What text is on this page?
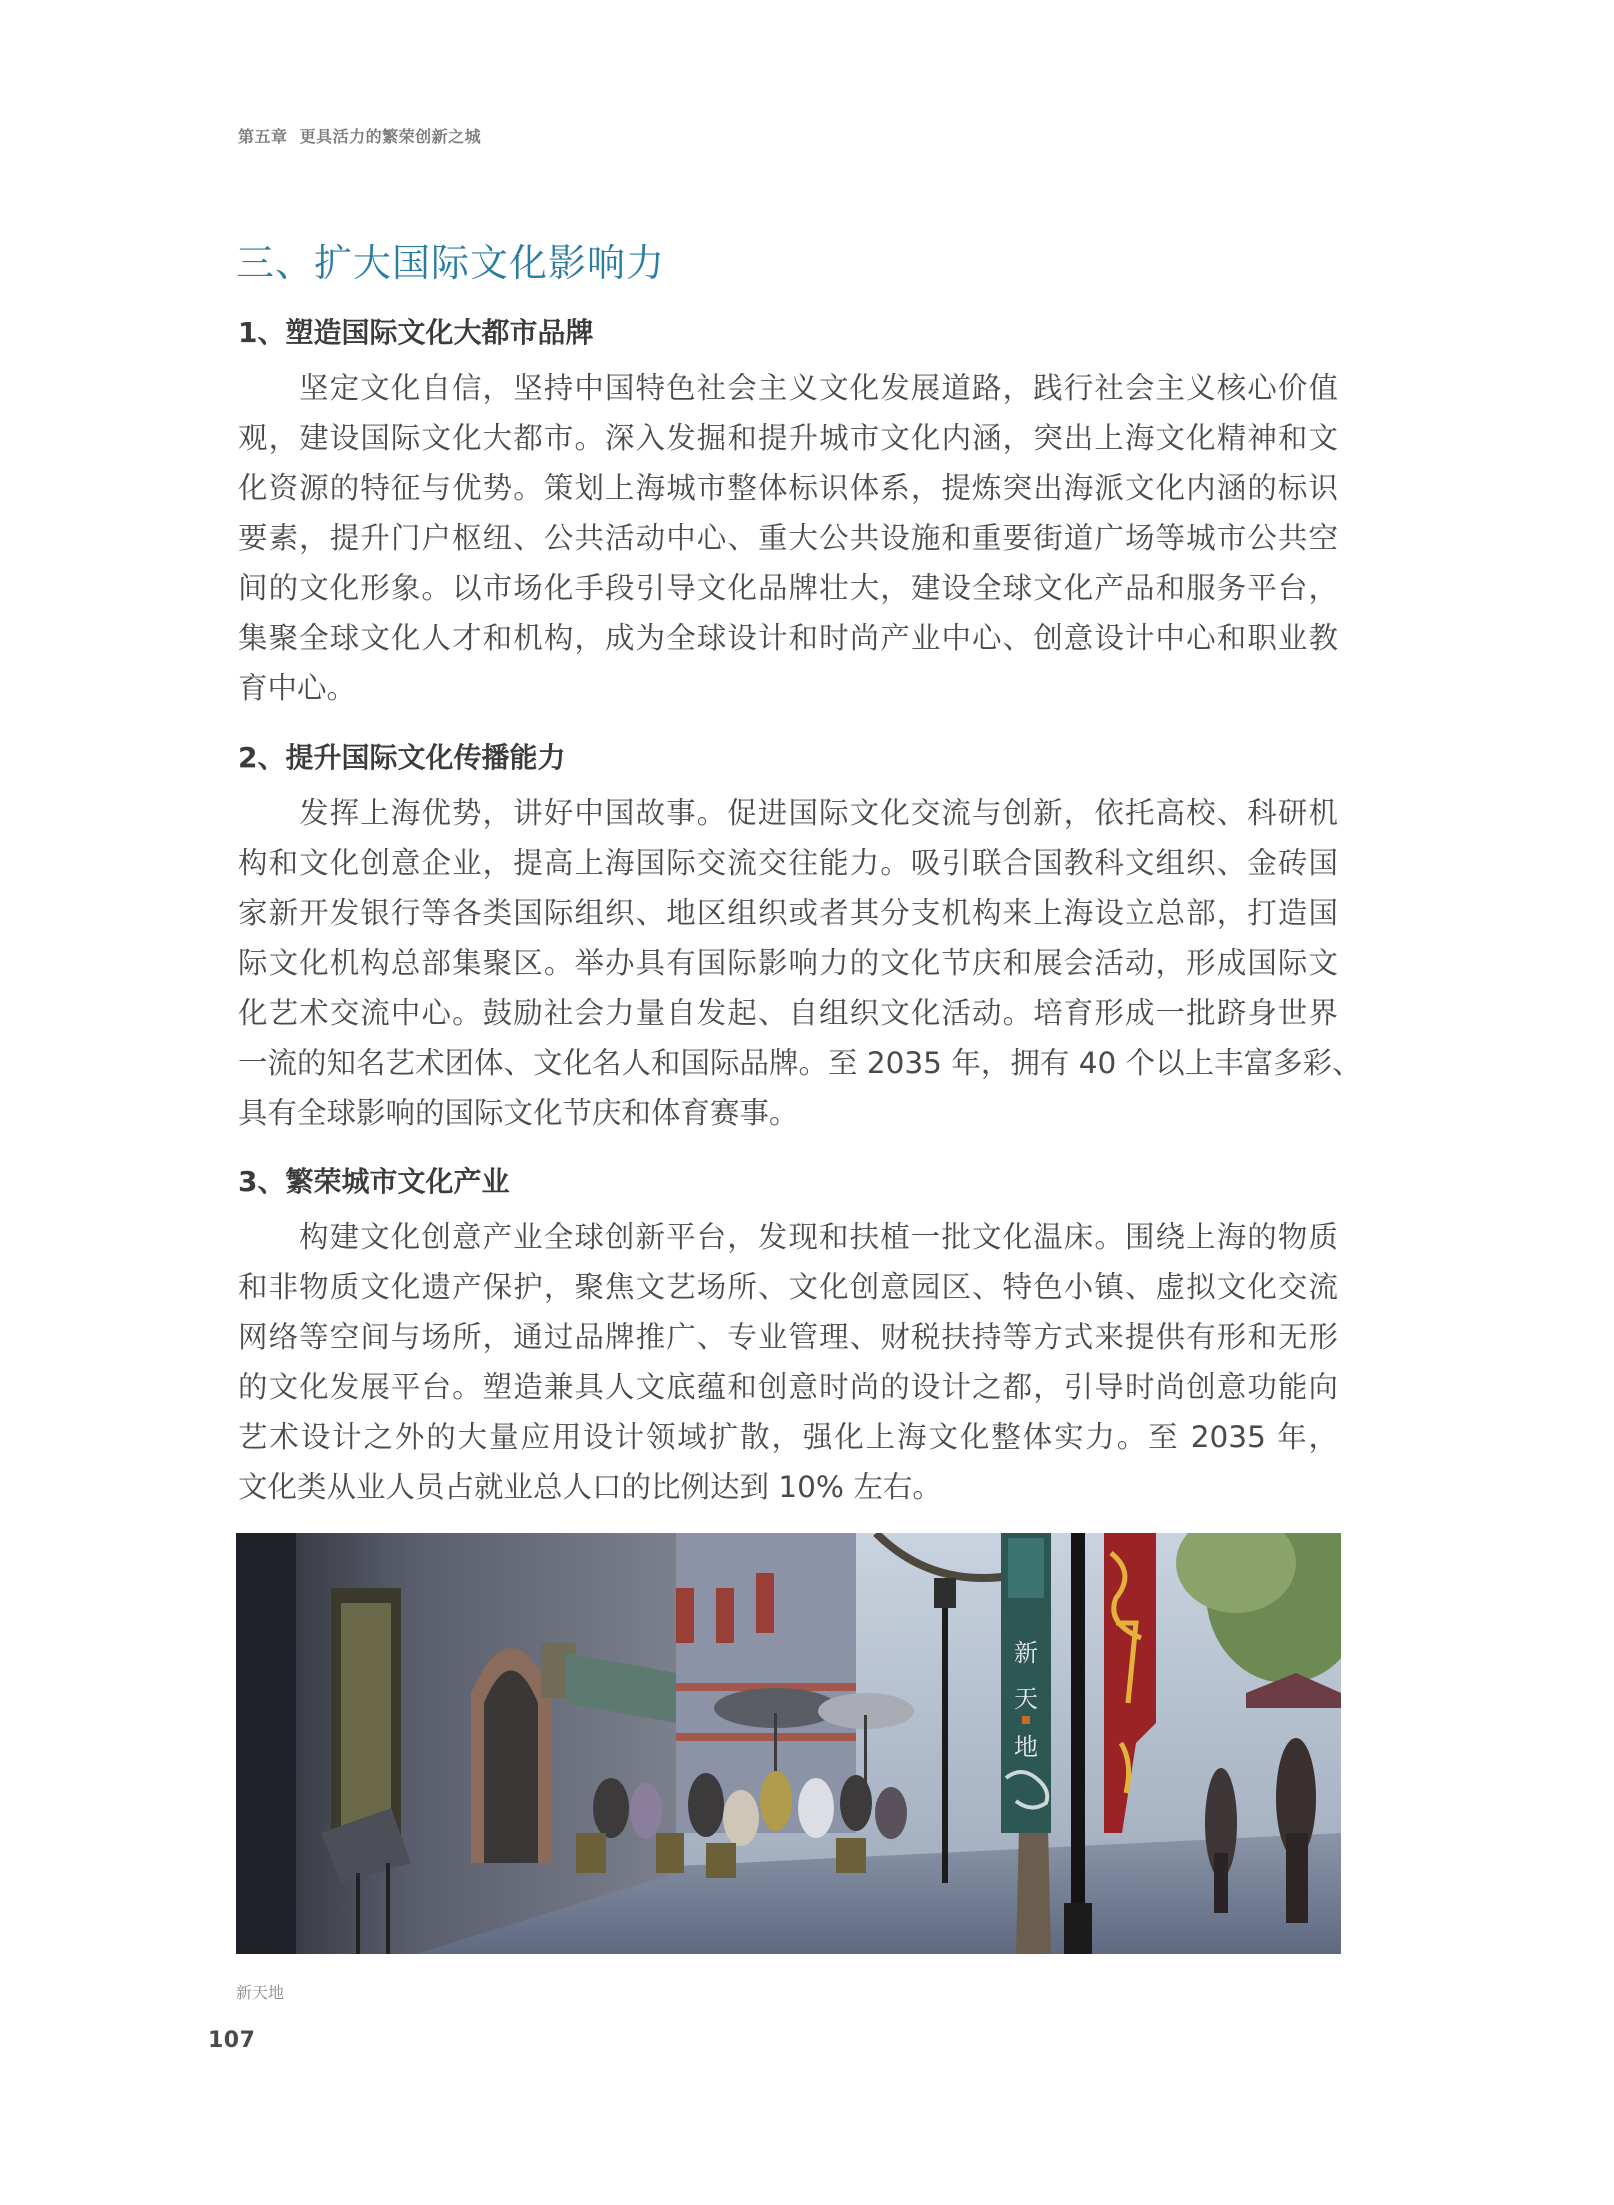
第五章  更具活力的繁荣创新之城
三、扩大国际文化影响力
1、塑造国际文化大都市品牌
坚定文化自信，坚持中国特色社会主义文化发展道路，践行社会主义核心价值
观，建设国际文化大都市。深入发掘和提升城市文化内涵，突出上海文化精神和文
化资源的特征与优势。策划上海城市整体标识体系，提炼突出海派文化内涵的标识
要素，提升门户枢纽、公共活动中心、重大公共设施和重要街道广场等城市公共空
间的文化形象。以市场化手段引导文化品牌壮大，建设全球文化产品和服务平台，
集聚全球文化人才和机构，成为全球设计和时尚产业中心、创意设计中心和职业教
育中心。
2、提升国际文化传播能力
发挥上海优势，讲好中国故事。促进国际文化交流与创新，依托高校、科研机
构和文化创意企业，提高上海国际交流交往能力。吸引联合国教科文组织、金砖国
家新开发银行等各类国际组织、地区组织或者其分支机构来上海设立总部，打造国
际文化机构总部集聚区。举办具有国际影响力的文化节庆和展会活动，形成国际文
化艺术交流中心。鼓励社会力量自发起、自组织文化活动。培育形成一批跻身世界
一流的知名艺术团体、文化名人和国际品牌。至 2035 年，拥有 40 个以上丰富多彩、
具有全球影响的国际文化节庆和体育赛事。
3、繁荣城市文化产业
构建文化创意产业全球创新平台，发现和扶植一批文化温床。围绕上海的物质
和非物质文化遗产保护，聚焦文艺场所、文化创意园区、特色小镇、虚拟文化交流
网络等空间与场所，通过品牌推广、专业管理、财税扶持等方式来提供有形和无形
的文化发展平台。塑造兼具人文底蕴和创意时尚的设计之都，引导时尚创意功能向
艺术设计之外的大量应用设计领域扩散，强化上海文化整体实力。至 2035 年，
文化类从业人员占就业总人口的比例达到 10% 左右。
新
天
地
新天地
107
